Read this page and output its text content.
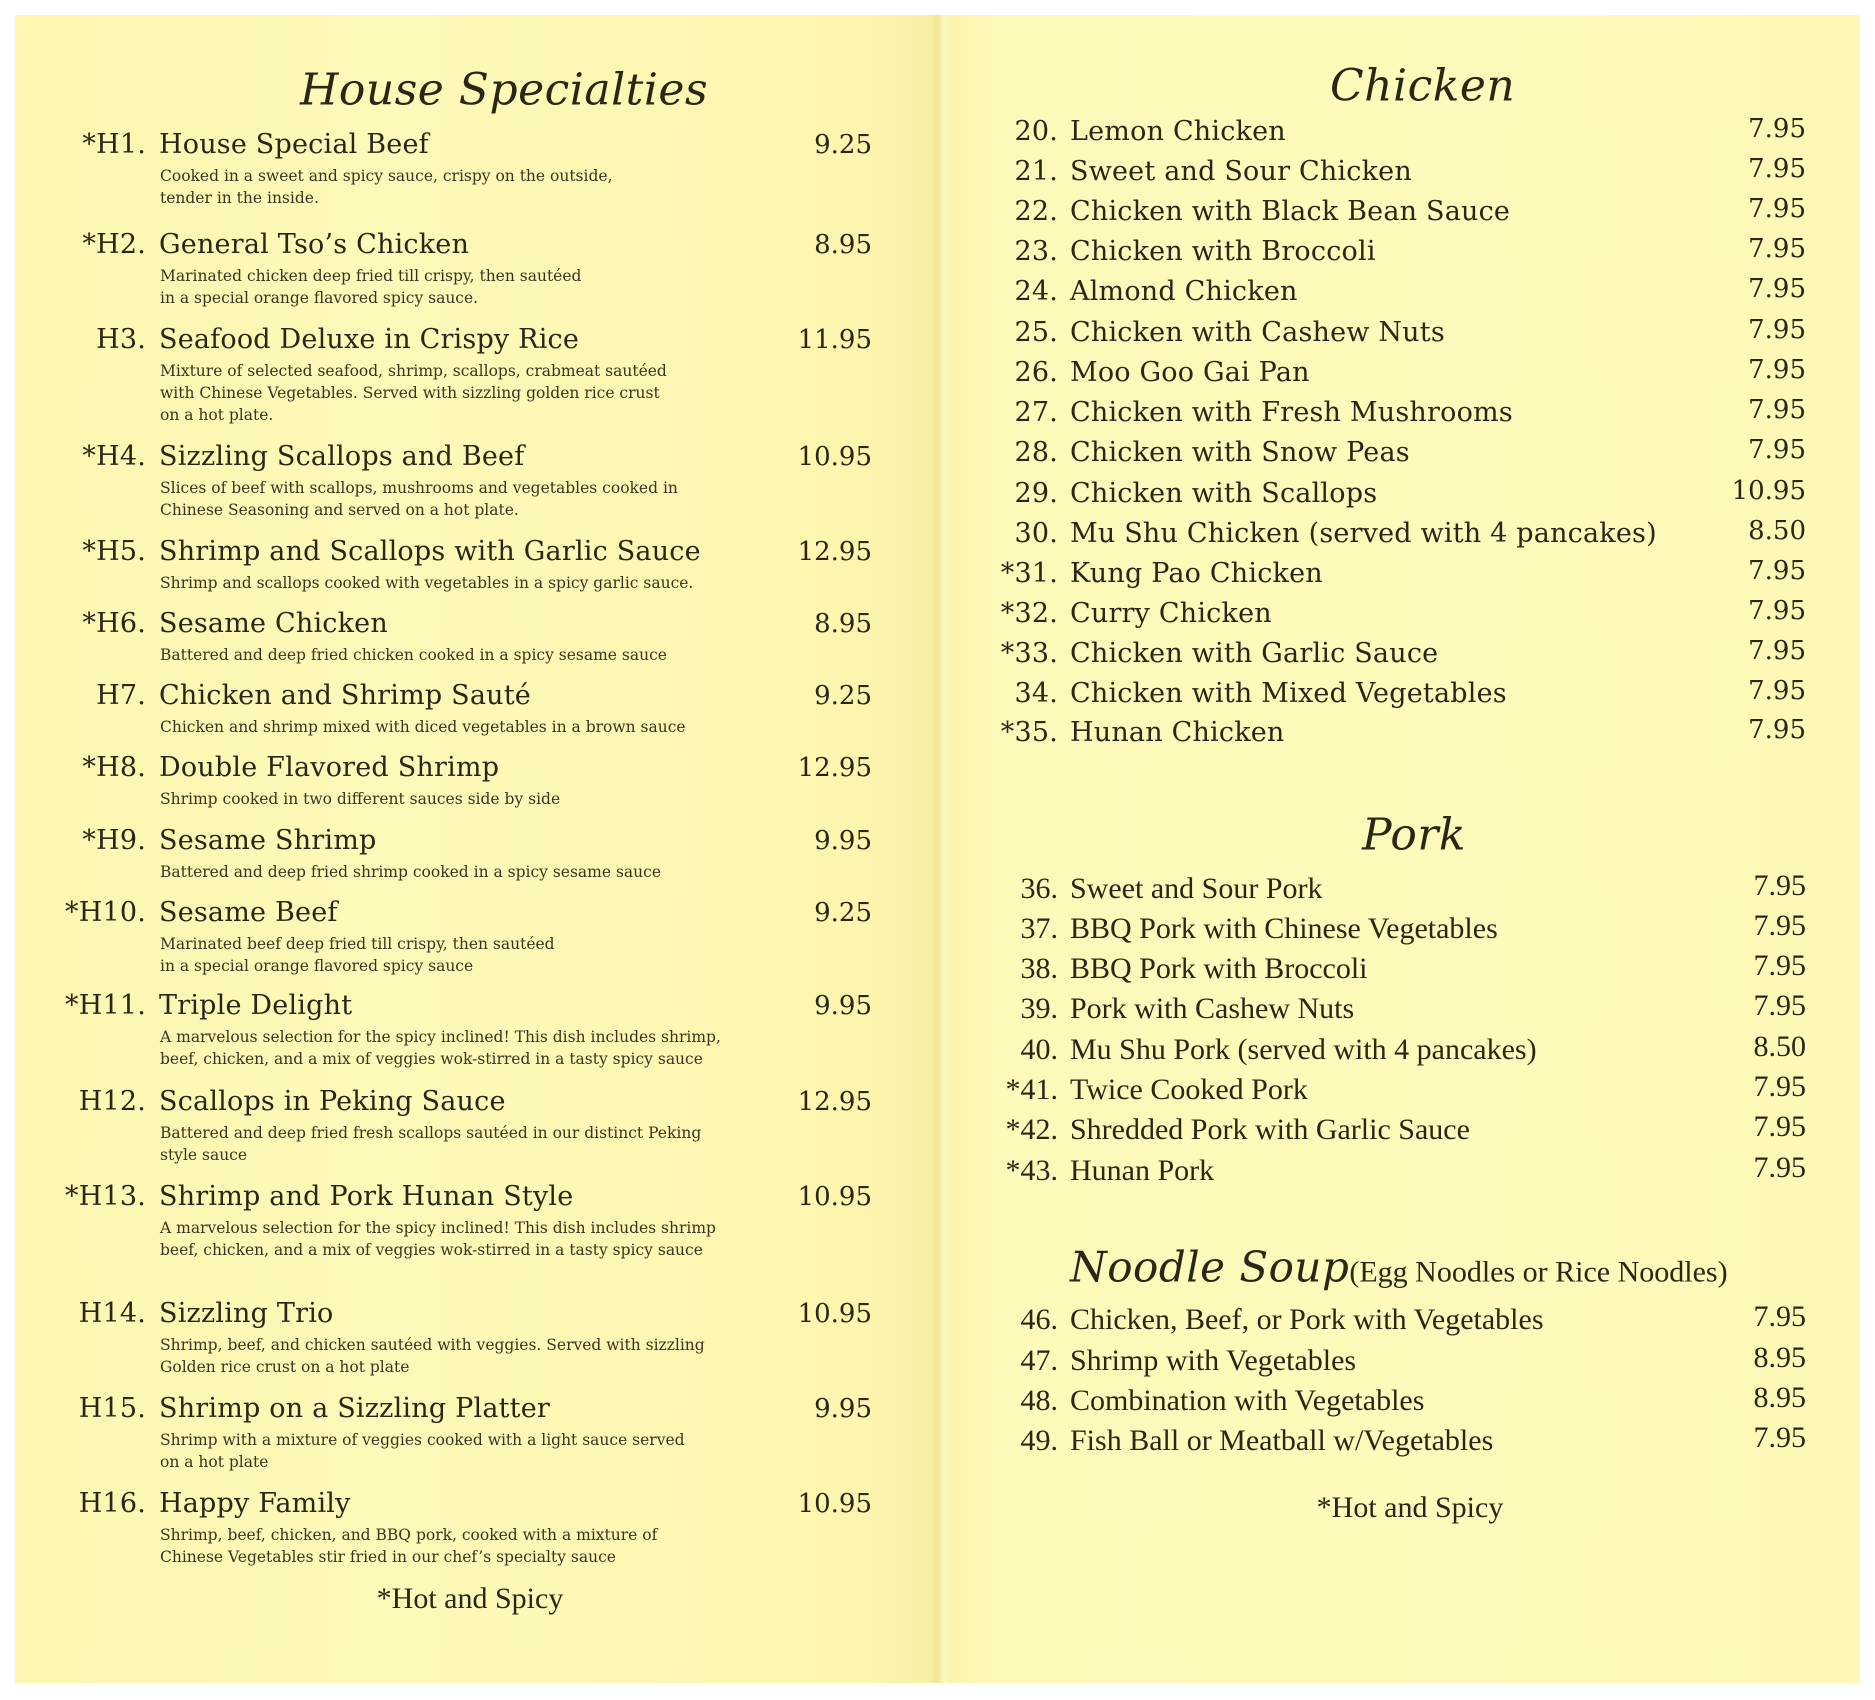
House Specialties
*H1. House Special Beef	9.25
Cooked in a sweet and spicy sauce, crispy on the outside,
tender in the inside.
*H2. General Tso’s Chicken	8.95
Marinated chicken deep fried till crispy, then sautéed
in a special orange flavored spicy sauce.
H3. Seafood Deluxe in Crispy Rice	11.95
Mixture of selected seafood, shrimp, scallops, crabmeat sautéed
with Chinese Vegetables. Served with sizzling golden rice crust
on a hot plate.
*H4. Sizzling Scallops and Beef	10.95
Slices of beef with scallops, mushrooms and vegetables cooked in
Chinese Seasoning and served on a hot plate.
*H5. Shrimp and Scallops with Garlic Sauce	12.95
Shrimp and scallops cooked with vegetables in a spicy garlic sauce.
*H6. Sesame Chicken	8.95
Battered and deep fried chicken cooked in a spicy sesame sauce
H7. Chicken and Shrimp Sauté	9.25
Chicken and shrimp mixed with diced vegetables in a brown sauce
*H8. Double Flavored Shrimp	12.95
Shrimp cooked in two different sauces side by side
*H9. Sesame Shrimp	9.95
Battered and deep fried shrimp cooked in a spicy sesame sauce
*H10. Sesame Beef	9.25
Marinated beef deep fried till crispy, then sautéed
in a special orange flavored spicy sauce
*H11. Triple Delight	9.95
A marvelous selection for the spicy inclined! This dish includes shrimp,
beef, chicken, and a mix of veggies wok-stirred in a tasty spicy sauce
H12. Scallops in Peking Sauce	12.95
Battered and deep fried fresh scallops sautéed in our distinct Peking
style sauce
*H13. Shrimp and Pork Hunan Style	10.95
A marvelous selection for the spicy inclined! This dish includes shrimp
beef, chicken, and a mix of veggies wok-stirred in a tasty spicy sauce
H14. Sizzling Trio	10.95
Shrimp, beef, and chicken sautéed with veggies. Served with sizzling
Golden rice crust on a hot plate
H15. Shrimp on a Sizzling Platter	9.95
Shrimp with a mixture of veggies cooked with a light sauce served
on a hot plate
H16. Happy Family	10.95
Shrimp, beef, chicken, and BBQ pork, cooked with a mixture of
Chinese Vegetables stir fried in our chef’s specialty sauce
*Hot and Spicy
Chicken
20. Lemon Chicken	7.95
21. Sweet and Sour Chicken	7.95
22. Chicken with Black Bean Sauce	7.95
23. Chicken with Broccoli	7.95
24. Almond Chicken	7.95
25. Chicken with Cashew Nuts	7.95
26. Moo Goo Gai Pan	7.95
27. Chicken with Fresh Mushrooms	7.95
28. Chicken with Snow Peas	7.95
29. Chicken with Scallops	10.95
30. Mu Shu Chicken (served with 4 pancakes)	8.50
*31. Kung Pao Chicken	7.95
*32. Curry Chicken	7.95
*33. Chicken with Garlic Sauce	7.95
34. Chicken with Mixed Vegetables	7.95
*35. Hunan Chicken	7.95
Pork
36. Sweet and Sour Pork	7.95
37. BBQ Pork with Chinese Vegetables	7.95
38. BBQ Pork with Broccoli	7.95
39. Pork with Cashew Nuts	7.95
40. Mu Shu Pork (served with 4 pancakes)	8.50
*41. Twice Cooked Pork	7.95
*42. Shredded Pork with Garlic Sauce	7.95
*43. Hunan Pork	7.95
Noodle Soup(Egg Noodles or Rice Noodles)
46. Chicken, Beef, or Pork with Vegetables	7.95
47. Shrimp with Vegetables	8.95
48. Combination with Vegetables	8.95
49. Fish Ball or Meatball w/Vegetables	7.95
*Hot and Spicy
